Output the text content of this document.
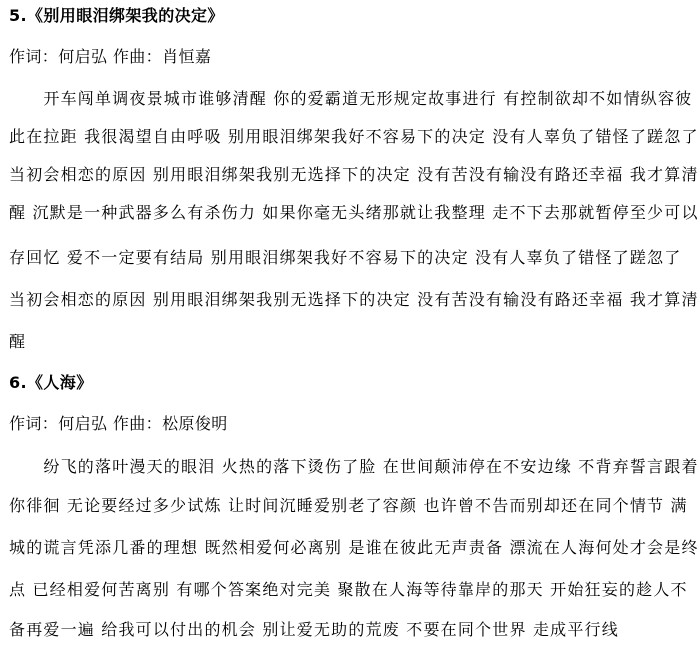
5.《别用眼泪绑架我的决定》

作词：何启弘 作曲：肖恒嘉

　　开车闯单调夜景城市谁够清醒 你的爱霸道无形规定故事进行 有控制欲却不如情纵容彼

此在拉距 我很渴望自由呼吸 别用眼泪绑架我好不容易下的决定 没有人辜负了错怪了蹉忽了

当初会相恋的原因 别用眼泪绑架我别无选择下的决定 没有苦没有输没有路还幸福 我才算清

醒 沉默是一种武器多么有杀伤力 如果你毫无头绪那就让我整理 走不下去那就暂停至少可以

存回忆 爱不一定要有结局 别用眼泪绑架我好不容易下的决定 没有人辜负了错怪了蹉忽了

当初会相恋的原因 别用眼泪绑架我别无选择下的决定 没有苦没有输没有路还幸福 我才算清

醒

6.《人海》

作词：何启弘 作曲：松原俊明

　　纷飞的落叶漫天的眼泪 火热的落下烫伤了脸 在世间颠沛停在不安边缘 不背弃誓言跟着

你徘徊 无论要经过多少试炼 让时间沉睡爱别老了容颜 也许曾不告而别却还在同个情节 满

城的谎言凭添几番的理想 既然相爱何必离别 是谁在彼此无声责备 漂流在人海何处才会是终

点 已经相爱何苦离别 有哪个答案绝对完美 聚散在人海等待靠岸的那天 开始狂妄的趁人不

备再爱一遍 给我可以付出的机会 别让爱无助的荒废 不要在同个世界 走成平行线
